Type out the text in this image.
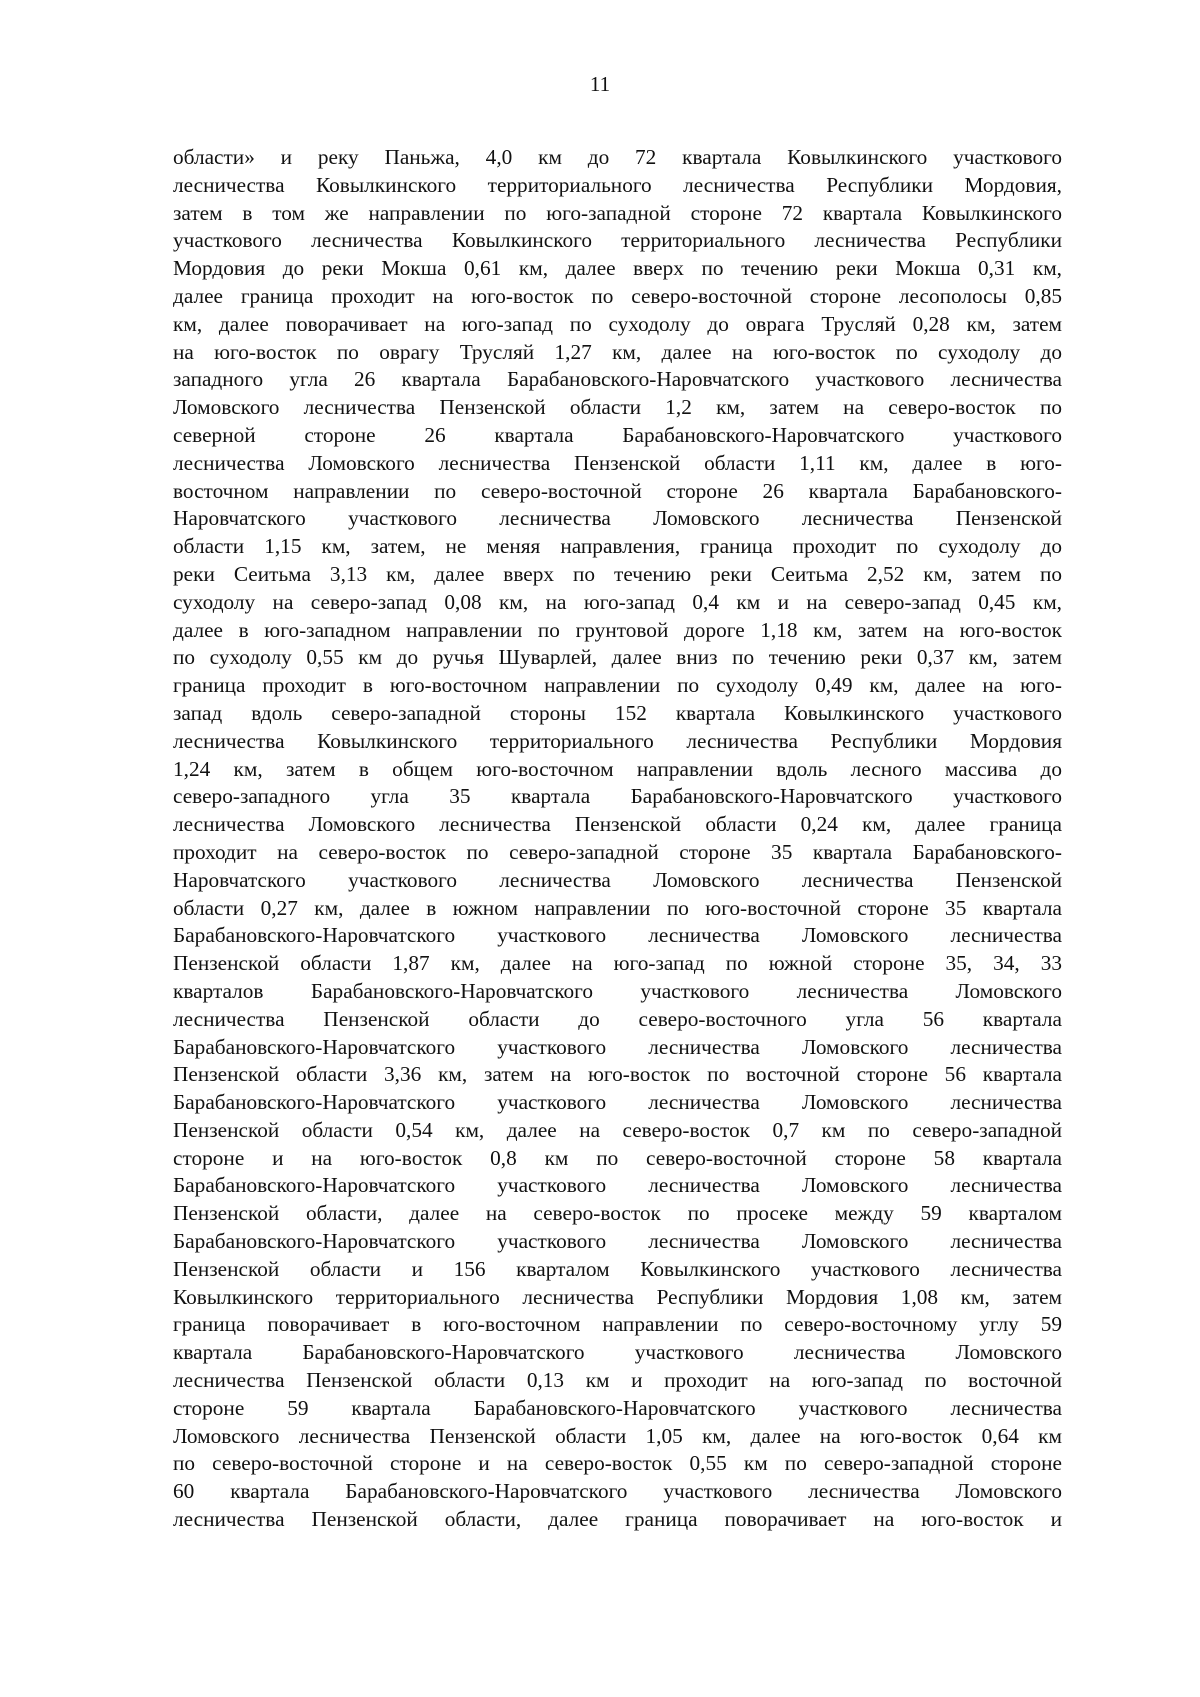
11
области» и реку Паньжа, 4,0 км до 72 квартала Ковылкинского участкового
лесничества Ковылкинского территориального лесничества Республики Мордовия,
затем в том же направлении по юго-западной стороне 72 квартала Ковылкинского
участкового лесничества Ковылкинского территориального лесничества Республики
Мордовия до реки Мокша 0,61 км, далее вверх по течению реки Мокша 0,31 км,
далее граница проходит на юго-восток по северо-восточной стороне лесополосы 0,85
км, далее поворачивает на юго-запад по суходолу до оврага Трусляй 0,28 км, затем
на юго-восток по оврагу Трусляй 1,27 км, далее на юго-восток по суходолу до
западного угла 26 квартала Барабановского-Наровчатского участкового лесничества
Ломовского лесничества Пензенской области 1,2 км, затем на северо-восток по
северной стороне 26 квартала Барабановского-Наровчатского участкового
лесничества Ломовского лесничества Пензенской области 1,11 км, далее в юго-
восточном направлении по северо-восточной стороне 26 квартала Барабановского-
Наровчатского участкового лесничества Ломовского лесничества Пензенской
области 1,15 км, затем, не меняя направления, граница проходит по суходолу до
реки Сеитьма 3,13 км, далее вверх по течению реки Сеитьма 2,52 км, затем по
суходолу на северо-запад 0,08 км, на юго-запад 0,4 км и на северо-запад 0,45 км,
далее в юго-западном направлении по грунтовой дороге 1,18 км, затем на юго-восток
по суходолу 0,55 км до ручья Шуварлей, далее вниз по течению реки 0,37 км, затем
граница проходит в юго-восточном направлении по суходолу 0,49 км, далее на юго-
запад вдоль северо-западной стороны 152 квартала Ковылкинского участкового
лесничества Ковылкинского территориального лесничества Республики Мордовия
1,24 км, затем в общем юго-восточном направлении вдоль лесного массива до
северо-западного угла 35 квартала Барабановского-Наровчатского участкового
лесничества Ломовского лесничества Пензенской области 0,24 км, далее граница
проходит на северо-восток по северо-западной стороне 35 квартала Барабановского-
Наровчатского участкового лесничества Ломовского лесничества Пензенской
области 0,27 км, далее в южном направлении по юго-восточной стороне 35 квартала
Барабановского-Наровчатского участкового лесничества Ломовского лесничества
Пензенской области 1,87 км, далее на юго-запад по южной стороне 35, 34, 33
кварталов Барабановского-Наровчатского участкового лесничества Ломовского
лесничества Пензенской области до северо-восточного угла 56 квартала
Барабановского-Наровчатского участкового лесничества Ломовского лесничества
Пензенской области 3,36 км, затем на юго-восток по восточной стороне 56 квартала
Барабановского-Наровчатского участкового лесничества Ломовского лесничества
Пензенской области 0,54 км, далее на северо-восток 0,7 км по северо-западной
стороне и на юго-восток 0,8 км по северо-восточной стороне 58 квартала
Барабановского-Наровчатского участкового лесничества Ломовского лесничества
Пензенской области, далее на северо-восток по просеке между 59 кварталом
Барабановского-Наровчатского участкового лесничества Ломовского лесничества
Пензенской области и 156 кварталом Ковылкинского участкового лесничества
Ковылкинского территориального лесничества Республики Мордовия 1,08 км, затем
граница поворачивает в юго-восточном направлении по северо-восточному углу 59
квартала Барабановского-Наровчатского участкового лесничества Ломовского
лесничества Пензенской области 0,13 км и проходит на юго-запад по восточной
стороне 59 квартала Барабановского-Наровчатского участкового лесничества
Ломовского лесничества Пензенской области 1,05 км, далее на юго-восток 0,64 км
по северо-восточной стороне и на северо-восток 0,55 км по северо-западной стороне
60 квартала Барабановского-Наровчатского участкового лесничества Ломовского
лесничества Пензенской области, далее граница поворачивает на юго-восток и
